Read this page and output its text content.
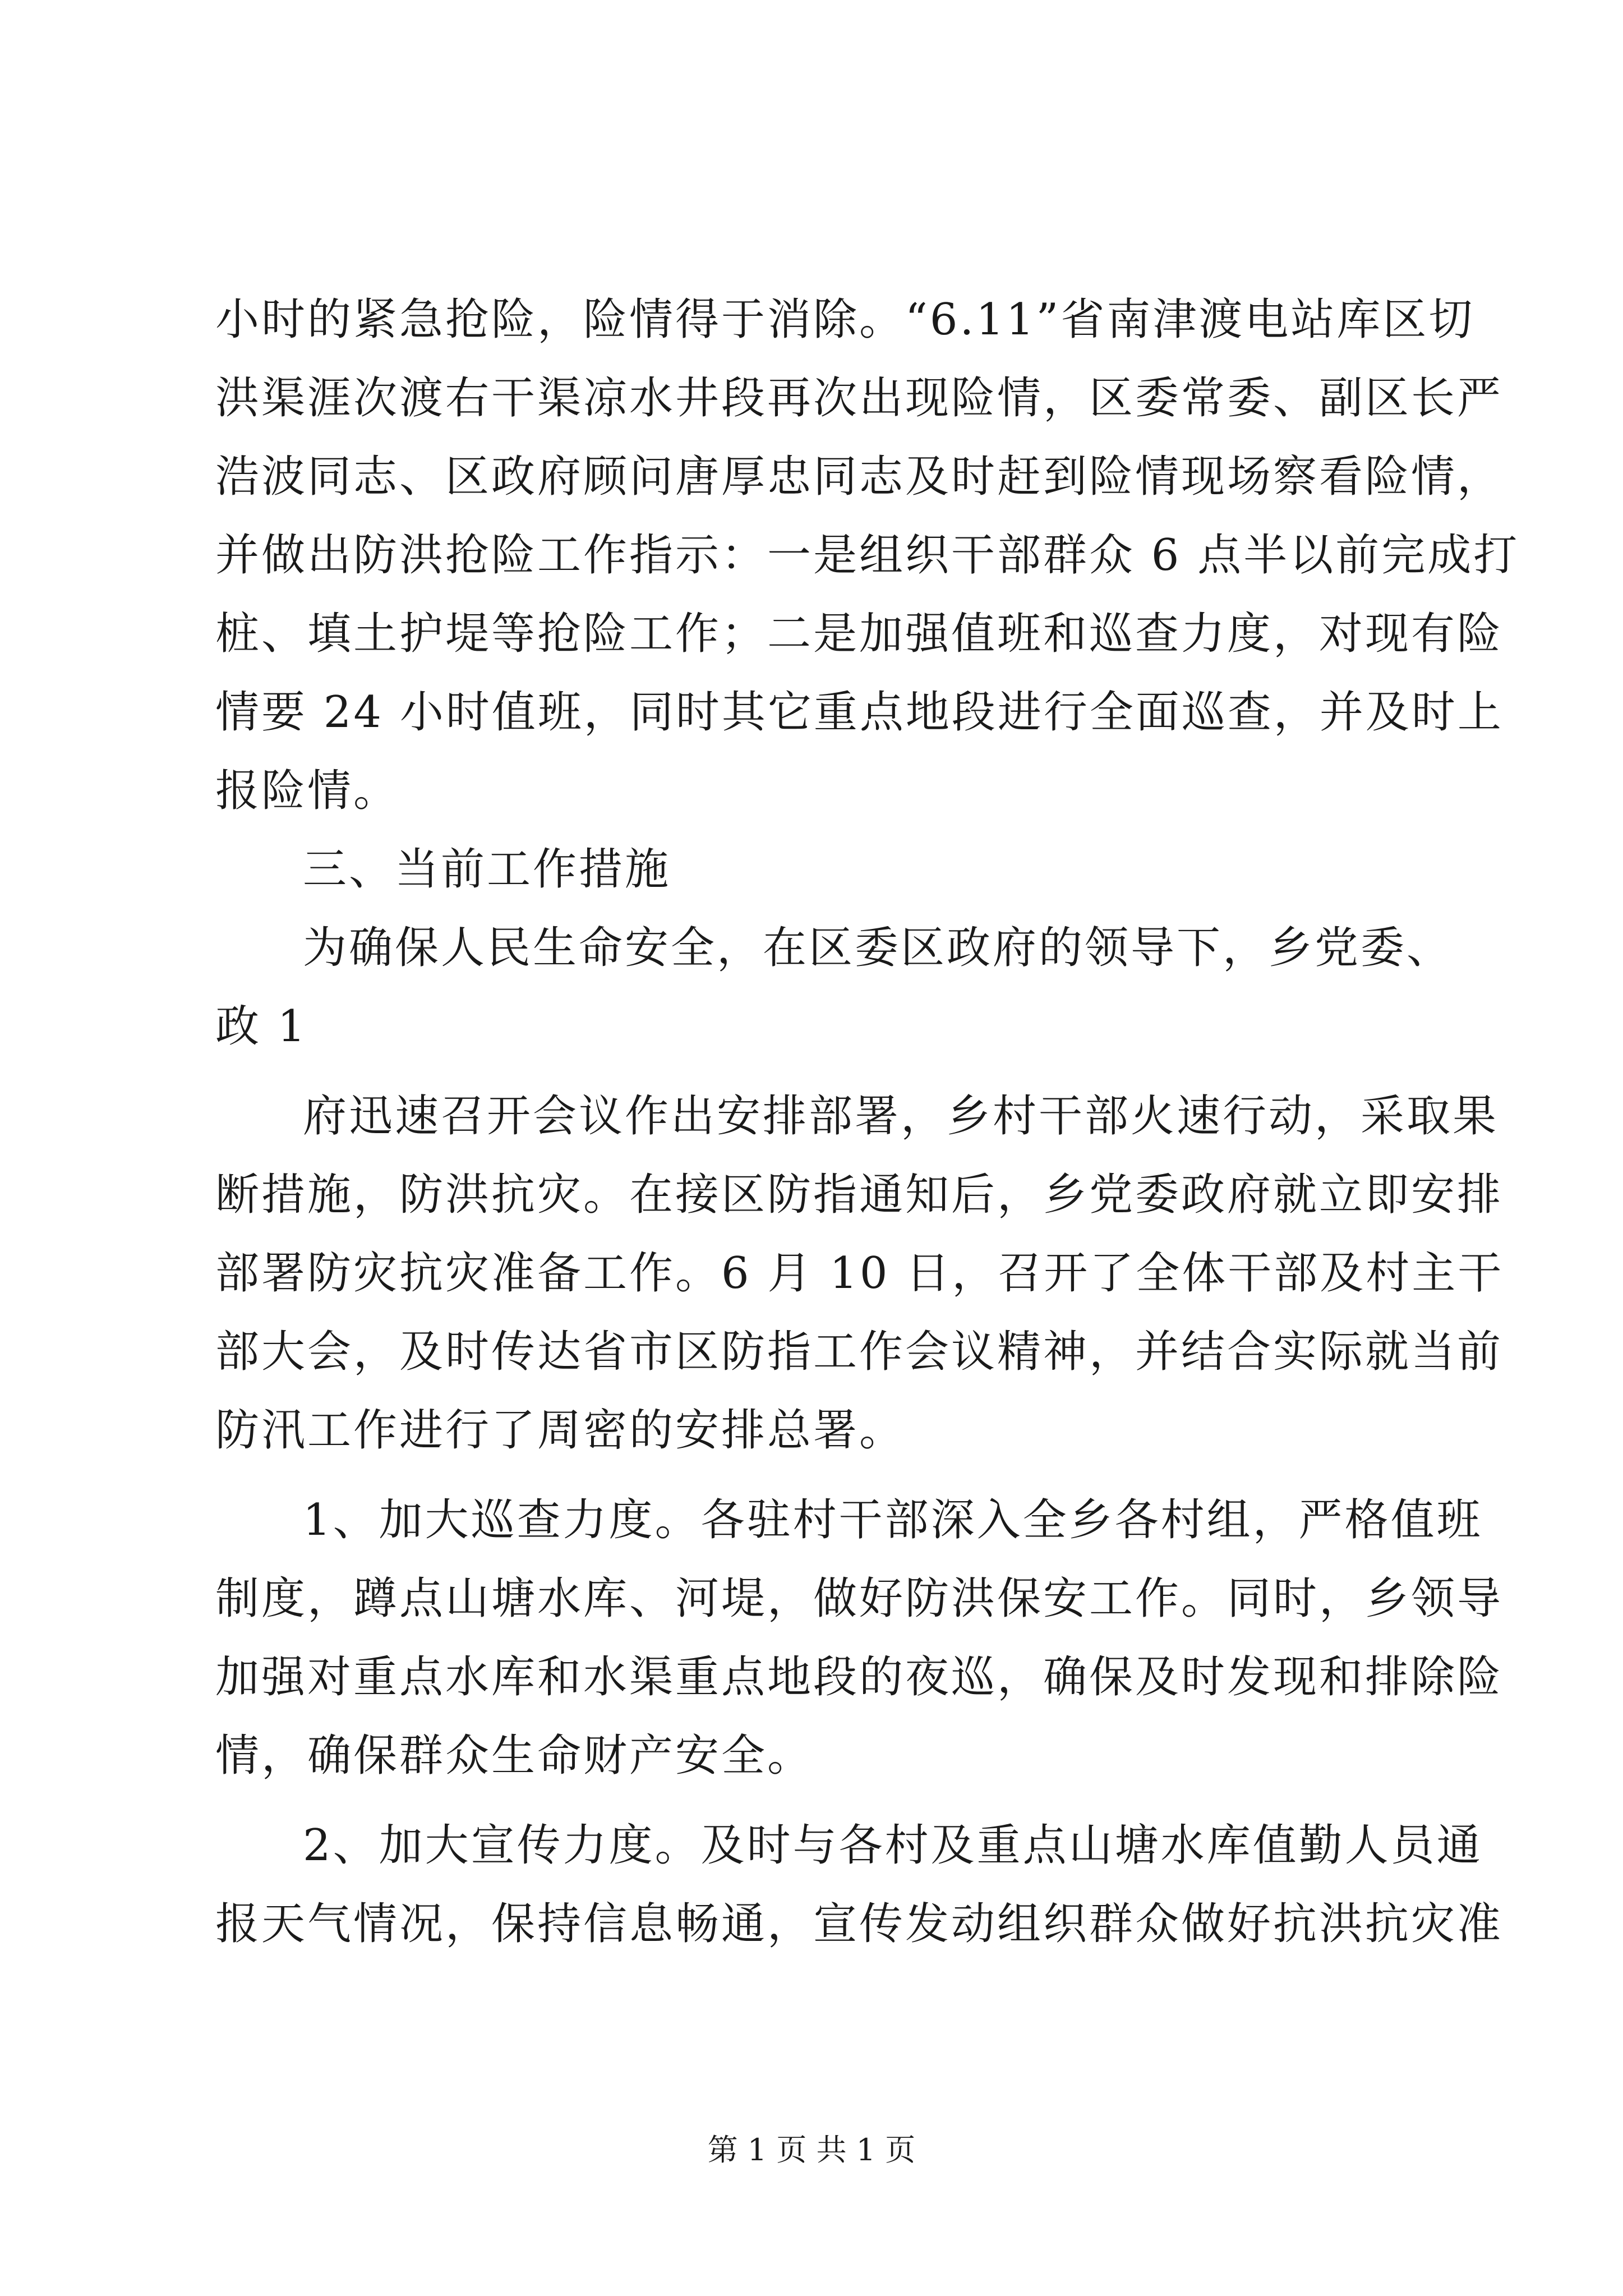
小时的紧急抢险，险情得于消除。“6.11”省南津渡电站库区切
洪渠涯次渡右干渠凉水井段再次出现险情，区委常委、副区长严
浩波同志、区政府顾问唐厚忠同志及时赶到险情现场察看险情，
并做出防洪抢险工作指示：一是组织干部群众 6 点半以前完成打
桩、填土护堤等抢险工作；二是加强值班和巡查力度，对现有险
情要 24 小时值班，同时其它重点地段进行全面巡查，并及时上
报险情。
三、当前工作措施
为确保人民生命安全，在区委区政府的领导下，乡党委、
政 1
府迅速召开会议作出安排部署，乡村干部火速行动，采取果
断措施，防洪抗灾。在接区防指通知后，乡党委政府就立即安排
部署防灾抗灾准备工作。6 月 10 日，召开了全体干部及村主干
部大会，及时传达省市区防指工作会议精神，并结合实际就当前
防汛工作进行了周密的安排总署。
1、加大巡查力度。各驻村干部深入全乡各村组，严格值班
制度，蹲点山塘水库、河堤，做好防洪保安工作。同时，乡领导
加强对重点水库和水渠重点地段的夜巡，确保及时发现和排除险
情，确保群众生命财产安全。
2、加大宣传力度。及时与各村及重点山塘水库值勤人员通
报天气情况，保持信息畅通，宣传发动组织群众做好抗洪抗灾准
第 1 页 共 1 页
